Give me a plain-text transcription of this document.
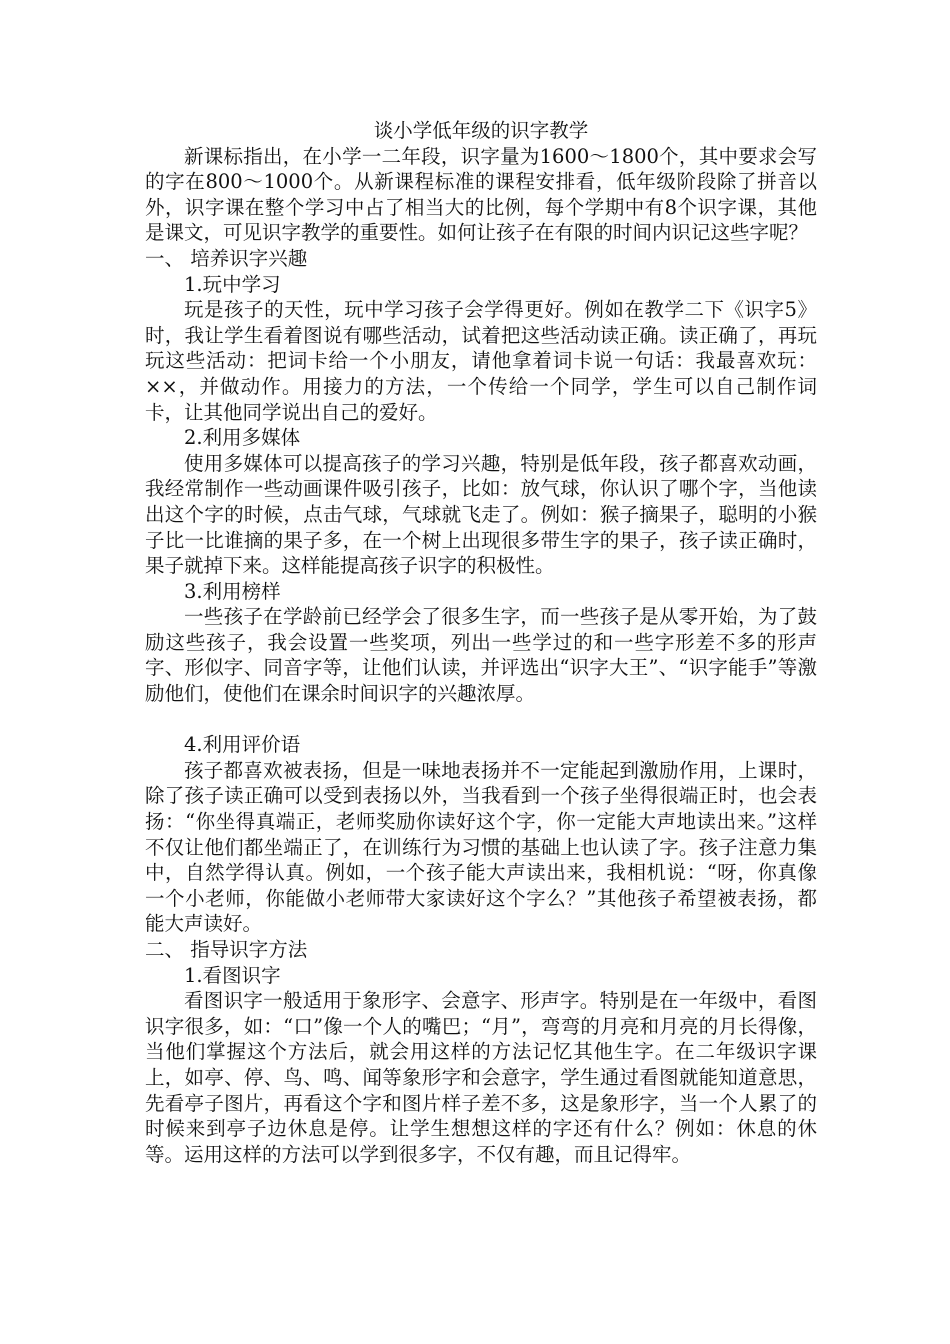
谈小学低年级的识字教学

新课标指出，在小学一二年段，识字量为1600～1800个，其中要求会写的字在800～1000个。从新课程标准的课程安排看，低年级阶段除了拼音以外，识字课在整个学习中占了相当大的比例，每个学期中有8个识字课，其他是课文，可见识字教学的重要性。如何让孩子在有限的时间内识记这些字呢？

一、 培养识字兴趣

1.玩中学习

玩是孩子的天性，玩中学习孩子会学得更好。例如在教学二下《识字5》时，我让学生看着图说有哪些活动，试着把这些活动读正确。读正确了，再玩玩这些活动：把词卡给一个小朋友，请他拿着词卡说一句话：我最喜欢玩：××，并做动作。用接力的方法，一个传给一个同学，学生可以自己制作词卡，让其他同学说出自己的爱好。

2.利用多媒体

使用多媒体可以提高孩子的学习兴趣，特别是低年段，孩子都喜欢动画，我经常制作一些动画课件吸引孩子，比如：放气球，你认识了哪个字，当他读出这个字的时候，点击气球，气球就飞走了。例如：猴子摘果子，聪明的小猴子比一比谁摘的果子多，在一个树上出现很多带生字的果子，孩子读正确时，果子就掉下来。这样能提高孩子识字的积极性。

3.利用榜样

一些孩子在学龄前已经学会了很多生字，而一些孩子是从零开始，为了鼓励这些孩子，我会设置一些奖项，列出一些学过的和一些字形差不多的形声字、形似字、同音字等，让他们认读，并评选出“识字大王”、“识字能手”等激励他们，使他们在课余时间识字的兴趣浓厚。

4.利用评价语

孩子都喜欢被表扬，但是一味地表扬并不一定能起到激励作用，上课时，除了孩子读正确可以受到表扬以外，当我看到一个孩子坐得很端正时，也会表扬：“你坐得真端正，老师奖励你读好这个字，你一定能大声地读出来。”这样不仅让他们都坐端正了，在训练行为习惯的基础上也认读了字。孩子注意力集中，自然学得认真。例如，一个孩子能大声读出来，我相机说：“呀，你真像一个小老师，你能做小老师带大家读好这个字么？”其他孩子希望被表扬，都能大声读好。

二、 指导识字方法

1.看图识字

看图识字一般适用于象形字、会意字、形声字。特别是在一年级中，看图识字很多，如：“口”像一个人的嘴巴；“月”，弯弯的月亮和月亮的月长得像，当他们掌握这个方法后，就会用这样的方法记忆其他生字。在二年级识字课上，如亭、停、鸟、鸣、闻等象形字和会意字，学生通过看图就能知道意思，先看亭子图片，再看这个字和图片样子差不多，这是象形字，当一个人累了的时候来到亭子边休息是停。让学生想想这样的字还有什么？例如：休息的休等。运用这样的方法可以学到很多字，不仅有趣，而且记得牢。
